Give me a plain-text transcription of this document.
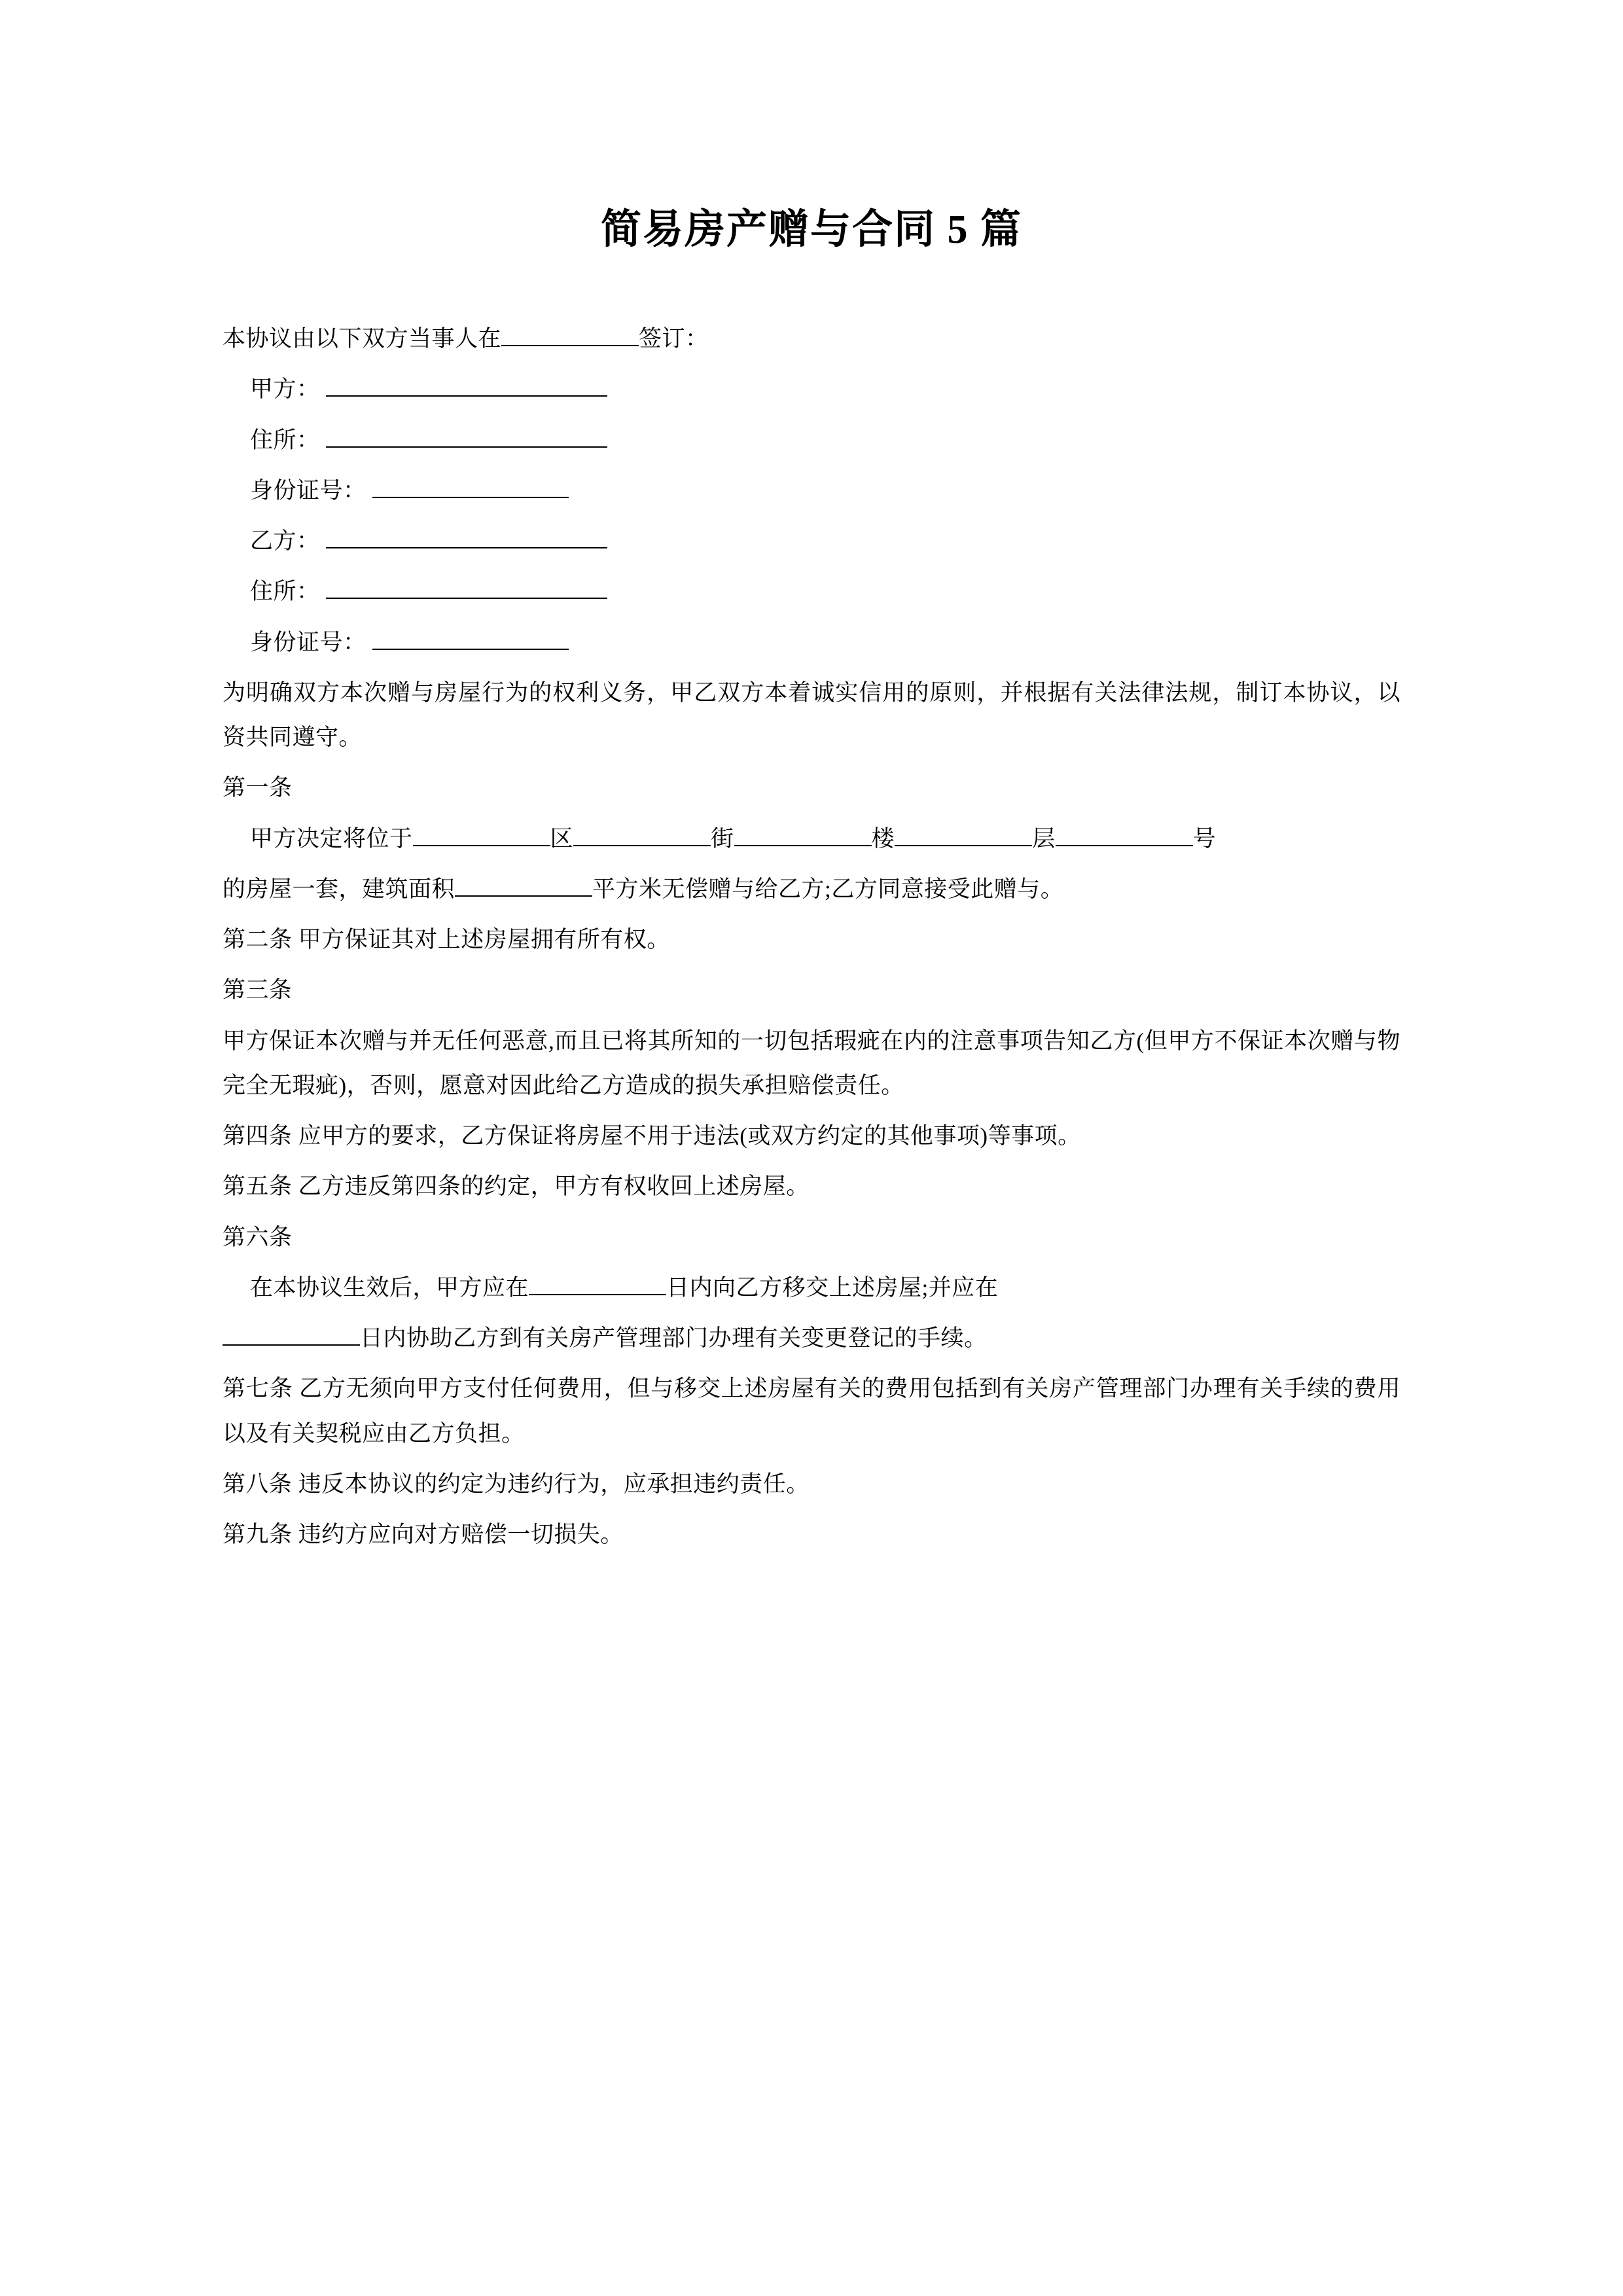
简易房产赠与合同 5 篇

本协议由以下双方当事人在	签订：

甲方：

住所：

身份证号：

乙方：

住所：

身份证号：

为明确双方本次赠与房屋行为的权利义务，甲乙双方本着诚实信用的原则，并根据有关法律法规，制订本协议，以资共同遵守。

第一条

甲方决定将位于	区	街	楼	层	号

的房屋一套，建筑面积	平方米无偿赠与给乙方;乙方同意接受此赠与。

第二条 甲方保证其对上述房屋拥有所有权。

第三条

甲方保证本次赠与并无任何恶意,而且已将其所知的一切包括瑕疵在内的注意事项告知乙方(但甲方不保证本次赠与物完全无瑕疵)，否则，愿意对因此给乙方造成的损失承担赔偿责任。

第四条 应甲方的要求，乙方保证将房屋不用于违法(或双方约定的其他事项)等事项。

第五条 乙方违反第四条的约定，甲方有权收回上述房屋。

第六条

在本协议生效后，甲方应在	日内向乙方移交上述房屋;并应在

日内协助乙方到有关房产管理部门办理有关变更登记的手续。

第七条 乙方无须向甲方支付任何费用，但与移交上述房屋有关的费用包括到有关房产管理部门办理有关手续的费用以及有关契税应由乙方负担。

第八条 违反本协议的约定为违约行为，应承担违约责任。

第九条 违约方应向对方赔偿一切损失。
